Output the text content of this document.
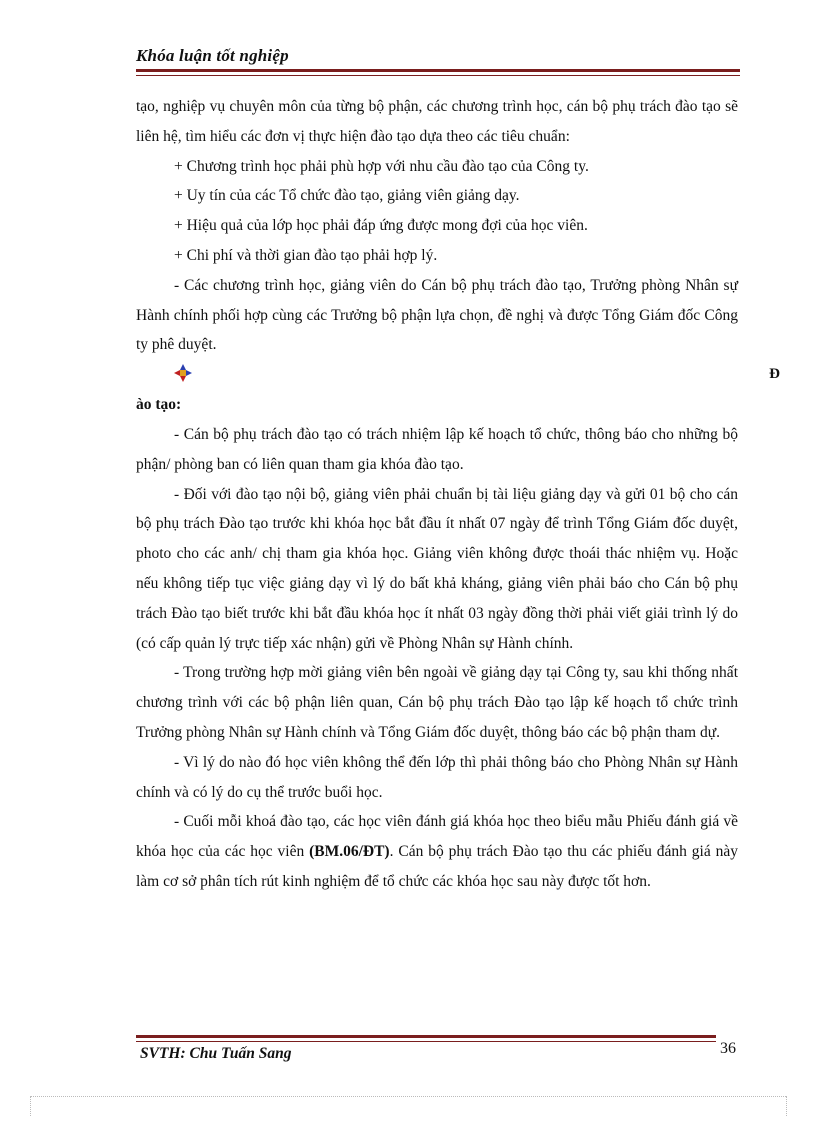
Khóa luận tốt nghiệp

tạo, nghiệp vụ chuyên môn của từng bộ phận, các chương trình học, cán bộ phụ trách đào tạo sẽ liên hệ, tìm hiểu các đơn vị thực hiện đào tạo dựa theo các tiêu chuẩn:

+ Chương trình học phải phù hợp với nhu cầu đào tạo của Công ty.

+ Uy tín của các Tổ chức đào tạo, giảng viên giảng dạy.

+ Hiệu quả của lớp học phải đáp ứng được mong đợi của học viên.

+ Chi phí và thời gian đào tạo phải hợp lý.

- Các chương trình học, giảng viên do Cán bộ phụ trách đào tạo, Trưởng phòng Nhân sự Hành chính phối hợp cùng các Trưởng bộ phận lựa chọn, đề nghị và được Tổng Giám đốc Công ty phê duyệt.

Đ

ào tạo:

- Cán bộ phụ trách đào tạo có trách nhiệm lập kế hoạch tổ chức, thông báo cho những bộ phận/ phòng ban có liên quan tham gia khóa đào tạo.

- Đối với đào tạo nội bộ, giảng viên phải chuẩn bị tài liệu giảng dạy và gửi 01 bộ cho cán bộ phụ trách Đào tạo trước khi khóa học bắt đầu ít nhất 07 ngày để trình Tổng Giám đốc duyệt, photo cho các anh/ chị tham gia khóa học. Giảng viên không được thoái thác nhiệm vụ. Hoặc nếu không tiếp tục việc giảng dạy vì lý do bất khả kháng, giảng viên phải báo cho Cán bộ phụ trách Đào tạo biết trước khi bắt đầu khóa học ít nhất 03 ngày đồng thời phải viết giải trình lý do (có cấp quản lý trực tiếp xác nhận) gửi về Phòng Nhân sự Hành chính.

- Trong trường hợp mời giảng viên bên ngoài về giảng dạy tại Công ty, sau khi thống nhất chương trình với các bộ phận liên quan, Cán bộ phụ trách Đào tạo lập kế hoạch tổ chức trình Trưởng phòng Nhân sự Hành chính và Tổng Giám đốc duyệt, thông báo các bộ phận tham dự.

- Vì lý do nào đó học viên không thể đến lớp thì phải thông báo cho Phòng Nhân sự Hành chính và có lý do cụ thể trước buổi học.

- Cuối mỗi khoá đào tạo, các học viên đánh giá khóa học theo biểu mẫu Phiếu đánh giá về khóa học của các học viên (BM.06/ĐT). Cán bộ phụ trách Đào tạo thu các phiếu đánh giá này làm cơ sở phân tích rút kinh nghiệm để tổ chức các khóa học sau này được tốt hơn.

SVTH: Chu Tuấn Sang	36
